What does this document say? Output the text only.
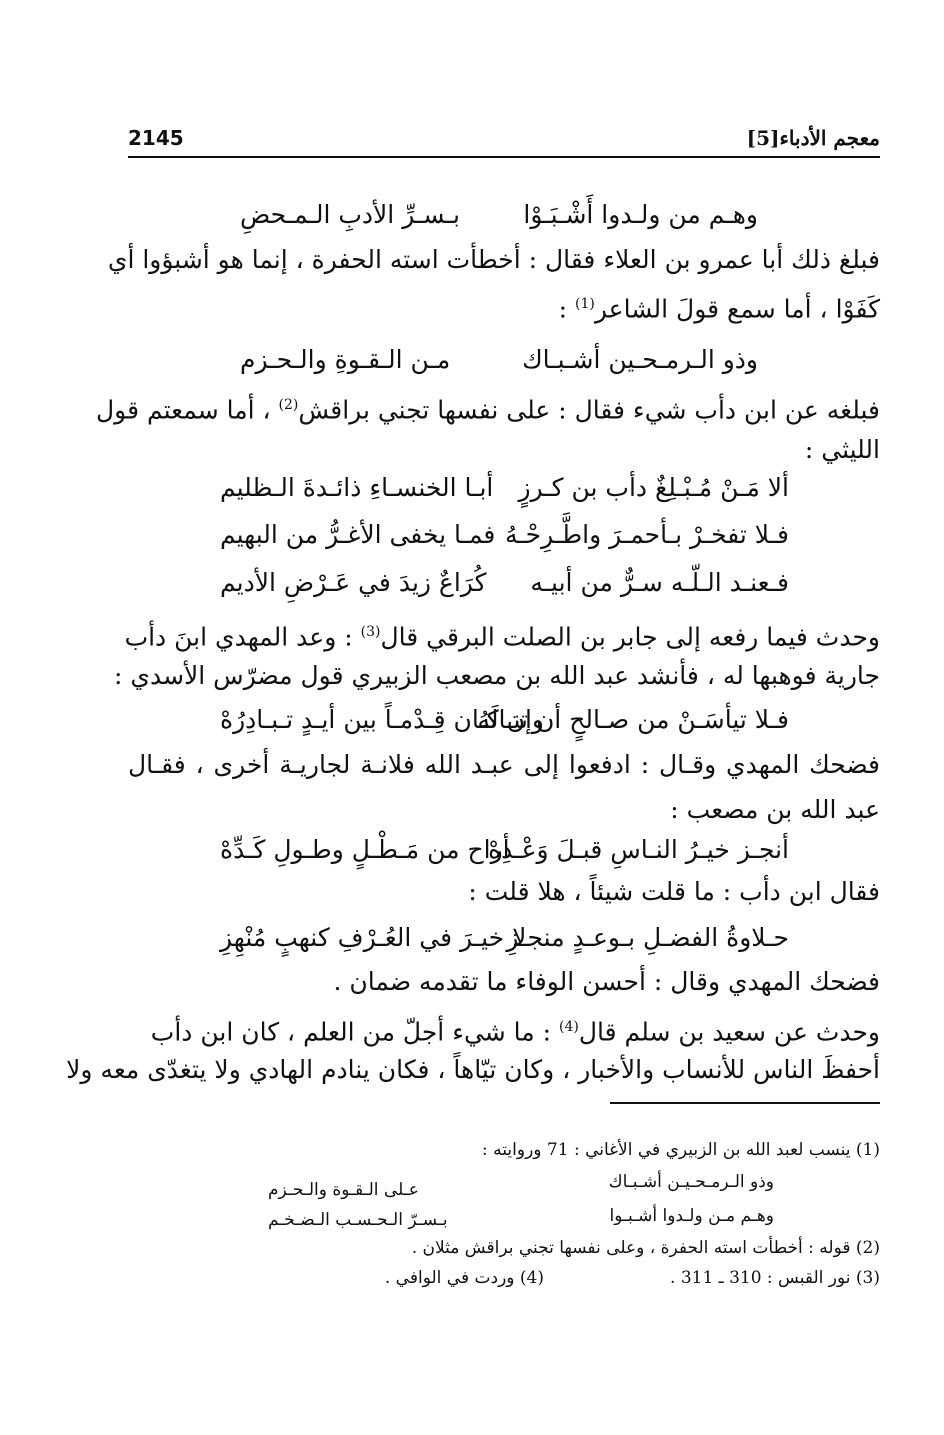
معجم الأدباء[5]
2145
وهـم من ولـدوا أَشْـبَـوْا
بـسـرِّ الأدبِ الـمـحضِ
فبلغ ذلك أبا عمرو بن العلاء فقال : أخطأت استه الحفرة ، إنما هو أشبؤوا أي
كَفَوْا ، أما سمع قولَ الشاعر$^{(1)}$ :
وذو الـرمـحـين أشـبـاك
مـن الـقـوةِ والـحـزم
فبلغه عن ابن دأب شيء فقال : على نفسها تجني براقش$^{(2)}$ ، أما سمعتم قول
الليثي :
ألا مَـنْ مُـبْـلِغٌ دأب بن كـرزٍ
أبـا الخنسـاءِ ذائـدةَ الـظليم
فـلا تفخـرْ بـأحمـرَ واطَّـرِحْـهُ
فمـا يخفى الأغـرُّ من البهيم
فـعنـد الـلّـه سـرٌّ من أبيـه
كُرَاعٌ زيدَ في عَـرْضِ الأديم
وحدث فيما رفعه إلى جابر بن الصلت البرقي قال$^{(3)}$ : وعد المهدي ابنَ دأب
جارية فوهبها له ، فأنشد عبد الله بن مصعب الزبيري قول مضرّس الأسدي :
فـلا تيأسَـنْ من صـالحٍ أن تنـالَهُ
وإن كـان قِـدْمـاً بين أيـدٍ تـبـادِرُهْ
فضحك المهدي وقـال : ادفعوا إلى عبـد الله فلانـة لجاريـة أخرى ، فقـال
عبد الله بن مصعب :
أنجـز خيـرُ النـاسِ قبـلَ وَعْـدِهْ
أراح من مَـطْـلٍ وطـولِ كَـدِّهْ
فقال ابن دأب : ما قلت شيئاً ، هلا قلت :
حـلاوةُ الفضـلِ بـوعـدٍ منجـزِ
لا خيـرَ في العُـرْفِ كنهبٍ مُنْهِزِ
فضحك المهدي وقال : أحسن الوفاء ما تقدمه ضمان .
وحدث عن سعيد بن سلم قال$^{(4)}$ : ما شيء أجلّ من العلم ، كان ابن دأب
أحفظَ الناس للأنساب والأخبار ، وكان تيّاهاً ، فكان ينادم الهادي ولا يتغدّى معه ولا
(1) ينسب لعبد الله بن الزبيري في الأغاني : 71 وروايته :
وذو الـرمـحـيـن أشـبـاك
عـلى الـقـوة والـحـزم
وهـم مـن ولـدوا أشـبـوا
بـسـرّ الـحـسـب الـضـخـم
(2) قوله : أخطأت استه الحفرة ، وعلى نفسها تجني براقش مثلان .
(3) نور القبس : 310 ـ 311 .
(4) وردت في الوافي .
